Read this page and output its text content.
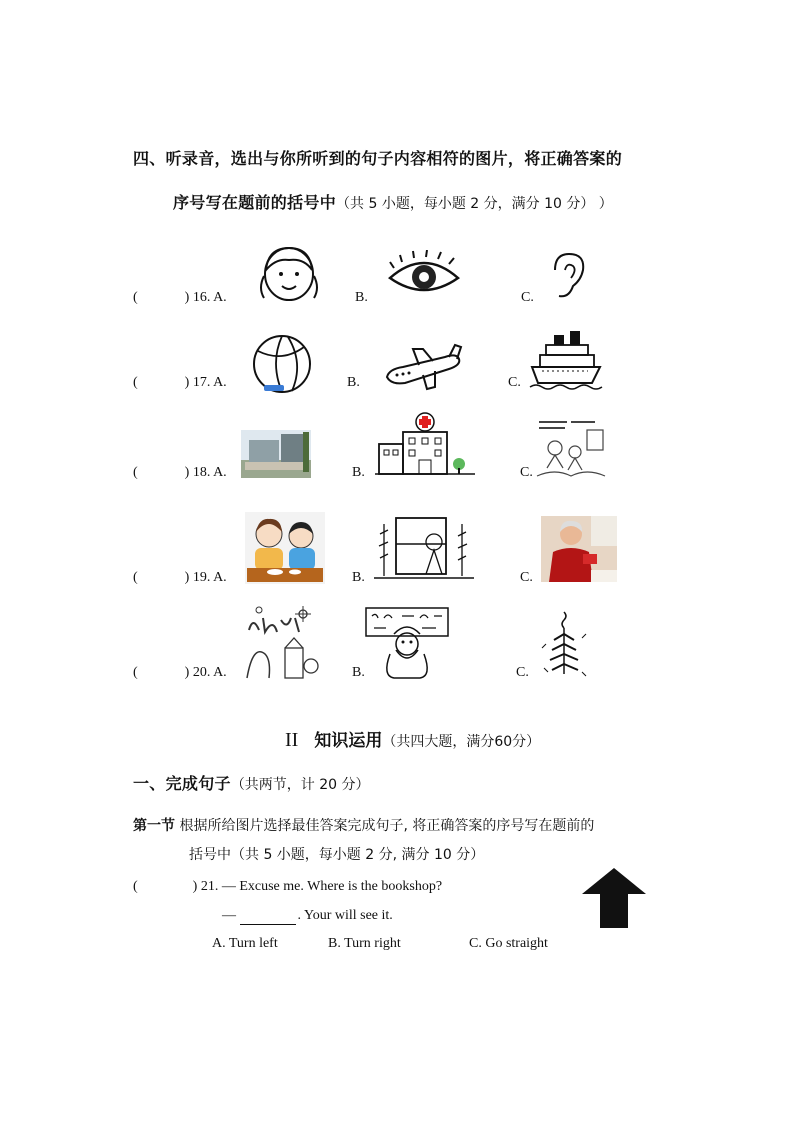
四、听录音，选出与你所听到的句子内容相符的图片，将正确答案的
序号写在题前的括号中（共 5 小题，每小题 2 分，满分 10 分） ）
(	) 16. A.	B.	C.
(	) 17. A.	B.	C.
(	) 18. A.	B.	C.
(	) 19. A.	B.	C.
(	) 20. A.	B.	C.
II 知识运用（共四大题，满分60分）
一、完成句子（共两节，计 20 分）
第一节 根据所给图片选择最佳答案完成句子, 将正确答案的序号写在题前的
括号中（共 5 小题，每小题 2 分, 满分 10 分）
(	) 21. — Excuse me. Where is the bookshop?
—	. Your will see it.
A. Turn left	B. Turn right	C. Go straight
